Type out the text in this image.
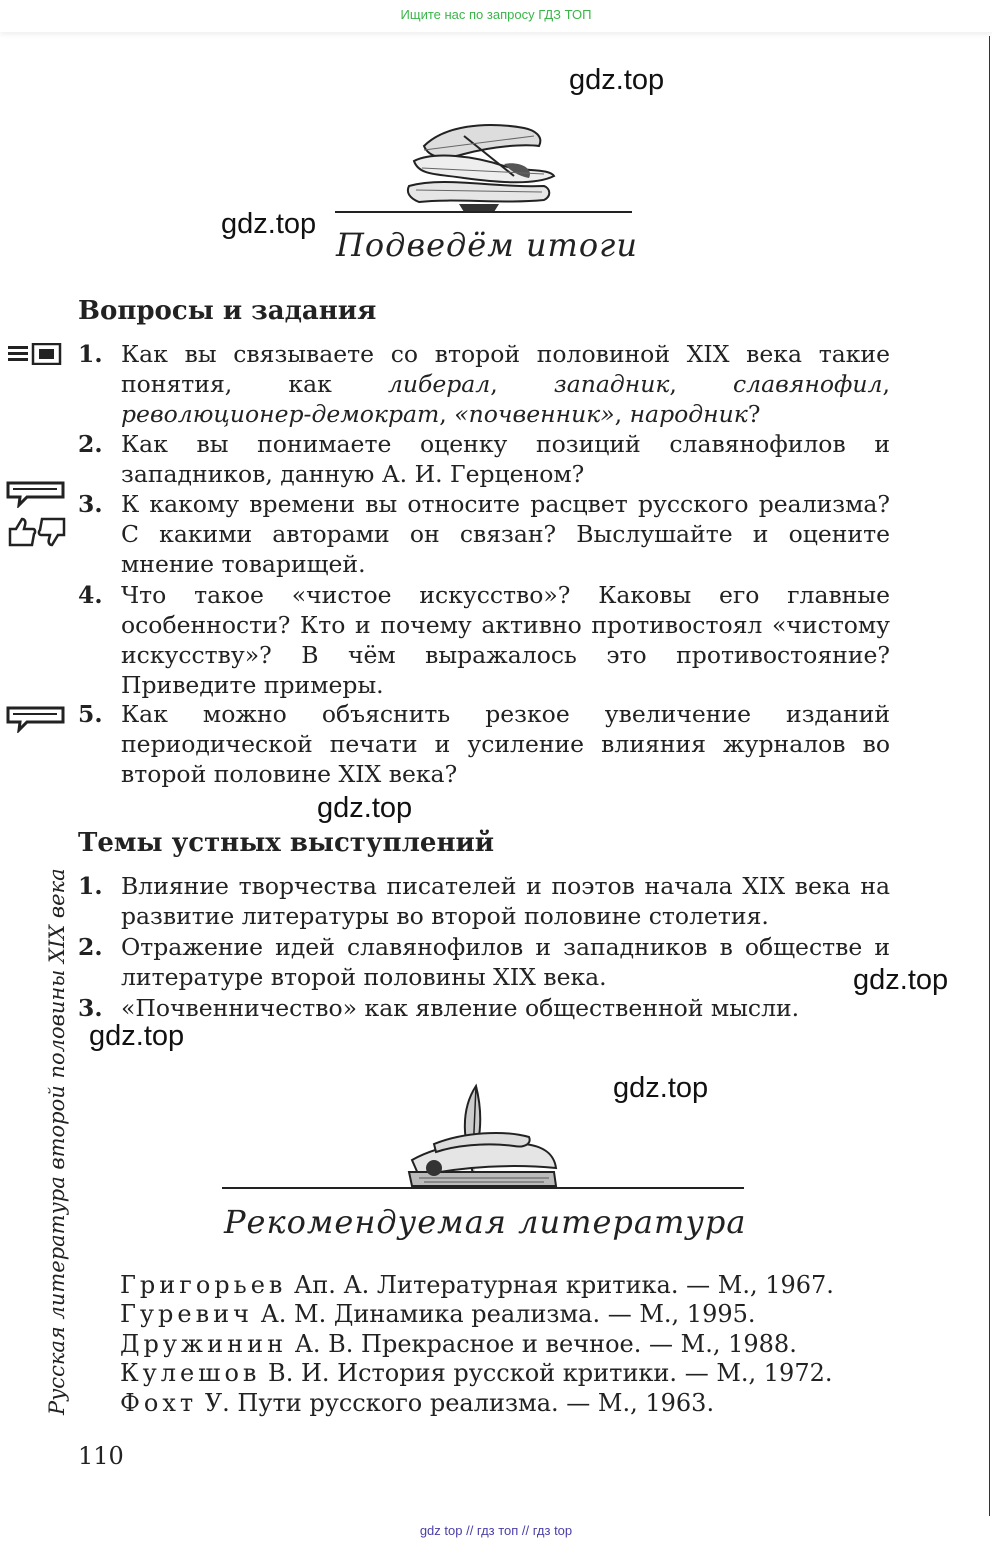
Ищите нас по запросу ГДЗ ТОП
gdz.top
gdz.top
gdz.top
gdz.top
gdz.top
gdz.top
Подведём итоги
Вопросы и задания
1. Как вы связываете со второй половиной XIX века такие понятия, как либерал, западник, славянофил, революционер-демократ, «почвенник», народник?
2. Как вы понимаете оценку позиций славянофилов и западников, данную А. И. Герценом?
3. К какому времени вы относите расцвет русского реализма? С какими авторами он связан? Выслушайте и оцените мнение товарищей.
4. Что такое «чистое искусство»? Каковы его главные особенности? Кто и почему активно противостоял «чистому искусству»? В чём выражалось это противостояние? Приведите примеры.
5. Как можно объяснить резкое увеличение изданий периодической печати и усиление влияния журналов во второй половине XIX века?
Темы устных выступлений
1. Влияние творчества писателей и поэтов начала XIX века на развитие литературы во второй половине столетия.
2. Отражение идей славянофилов и западников в обществе и литературе второй половины XIX века.
3. «Почвенничество» как явление общественной мысли.
Рекомендуемая литература
Григорьев Ап. А. Литературная критика. — М., 1967.
Гуревич А. М. Динамика реализма. — М., 1995.
Дружинин А. В. Прекрасное и вечное. — М., 1988.
Кулешов В. И. История русской критики. — М., 1972.
Фохт У. Пути русского реализма. — М., 1963.
Русская литература второй половины XIX века
110
gdz top // гдз топ // гдз top
